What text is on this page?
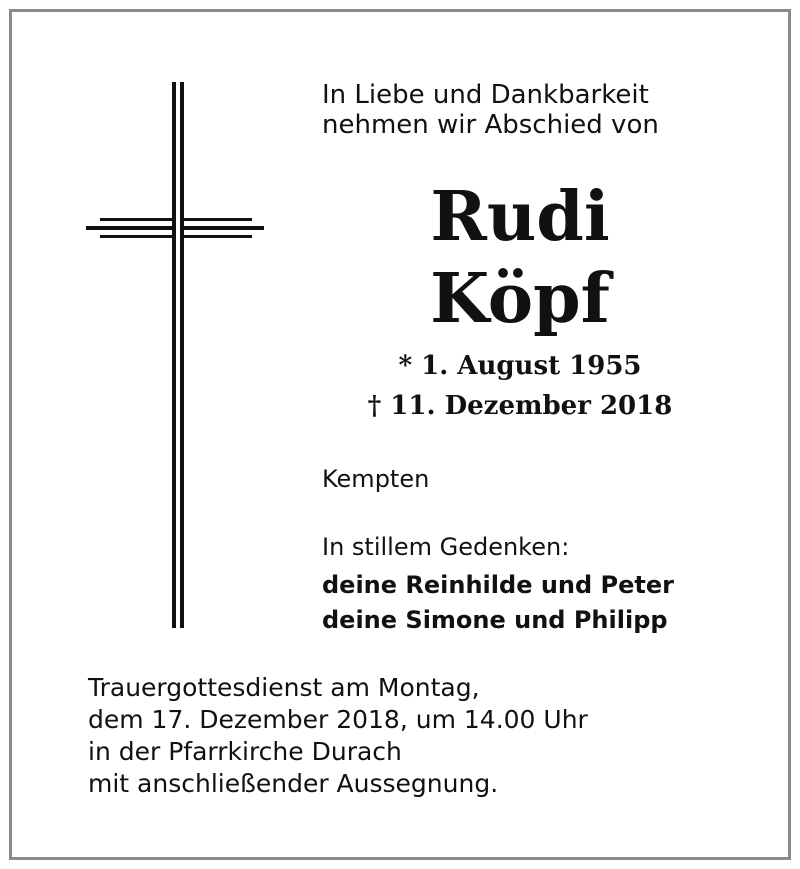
In Liebe und Dankbarkeit
nehmen wir Abschied von
Rudi
Köpf
* 1. August 1955
† 11. Dezember 2018
Kempten
In stillem Gedenken:
deine Reinhilde und Peter
deine Simone und Philipp
Trauergottesdienst am Montag,
dem 17. Dezember 2018, um 14.00 Uhr
in der Pfarrkirche Durach
mit anschließender Aussegnung.
